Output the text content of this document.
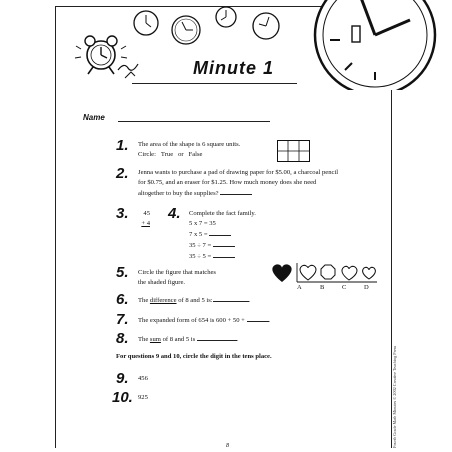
Minute 1
Name
1. The area of the shape is 6 square units.
Circle: True or False
2. Jenna wants to purchase a pad of drawing paper for $5.00, a charcoal pencil
for $0.75, and an eraser for $1.25. How much money does she need
altogether to buy the supplies?
3.	45
+ 4
4. Complete the fact family.
5 x 7 = 35
7 x 5 =
35 ÷ 7 =
35 ÷ 5 =
5. Circle the figure that matches
the shaded figure.
A	B	C	D
6. The difference of 8 and 5 is:	.
7. The expanded form of 654 is 600 + 50 +	.
8. The sum of 8 and 5 is	.
For questions 9 and 10, circle the digit in the tens place.
9. 456
10. 925
8	Fourth Grade Math Minutes © 2002 Creative Teaching Press
